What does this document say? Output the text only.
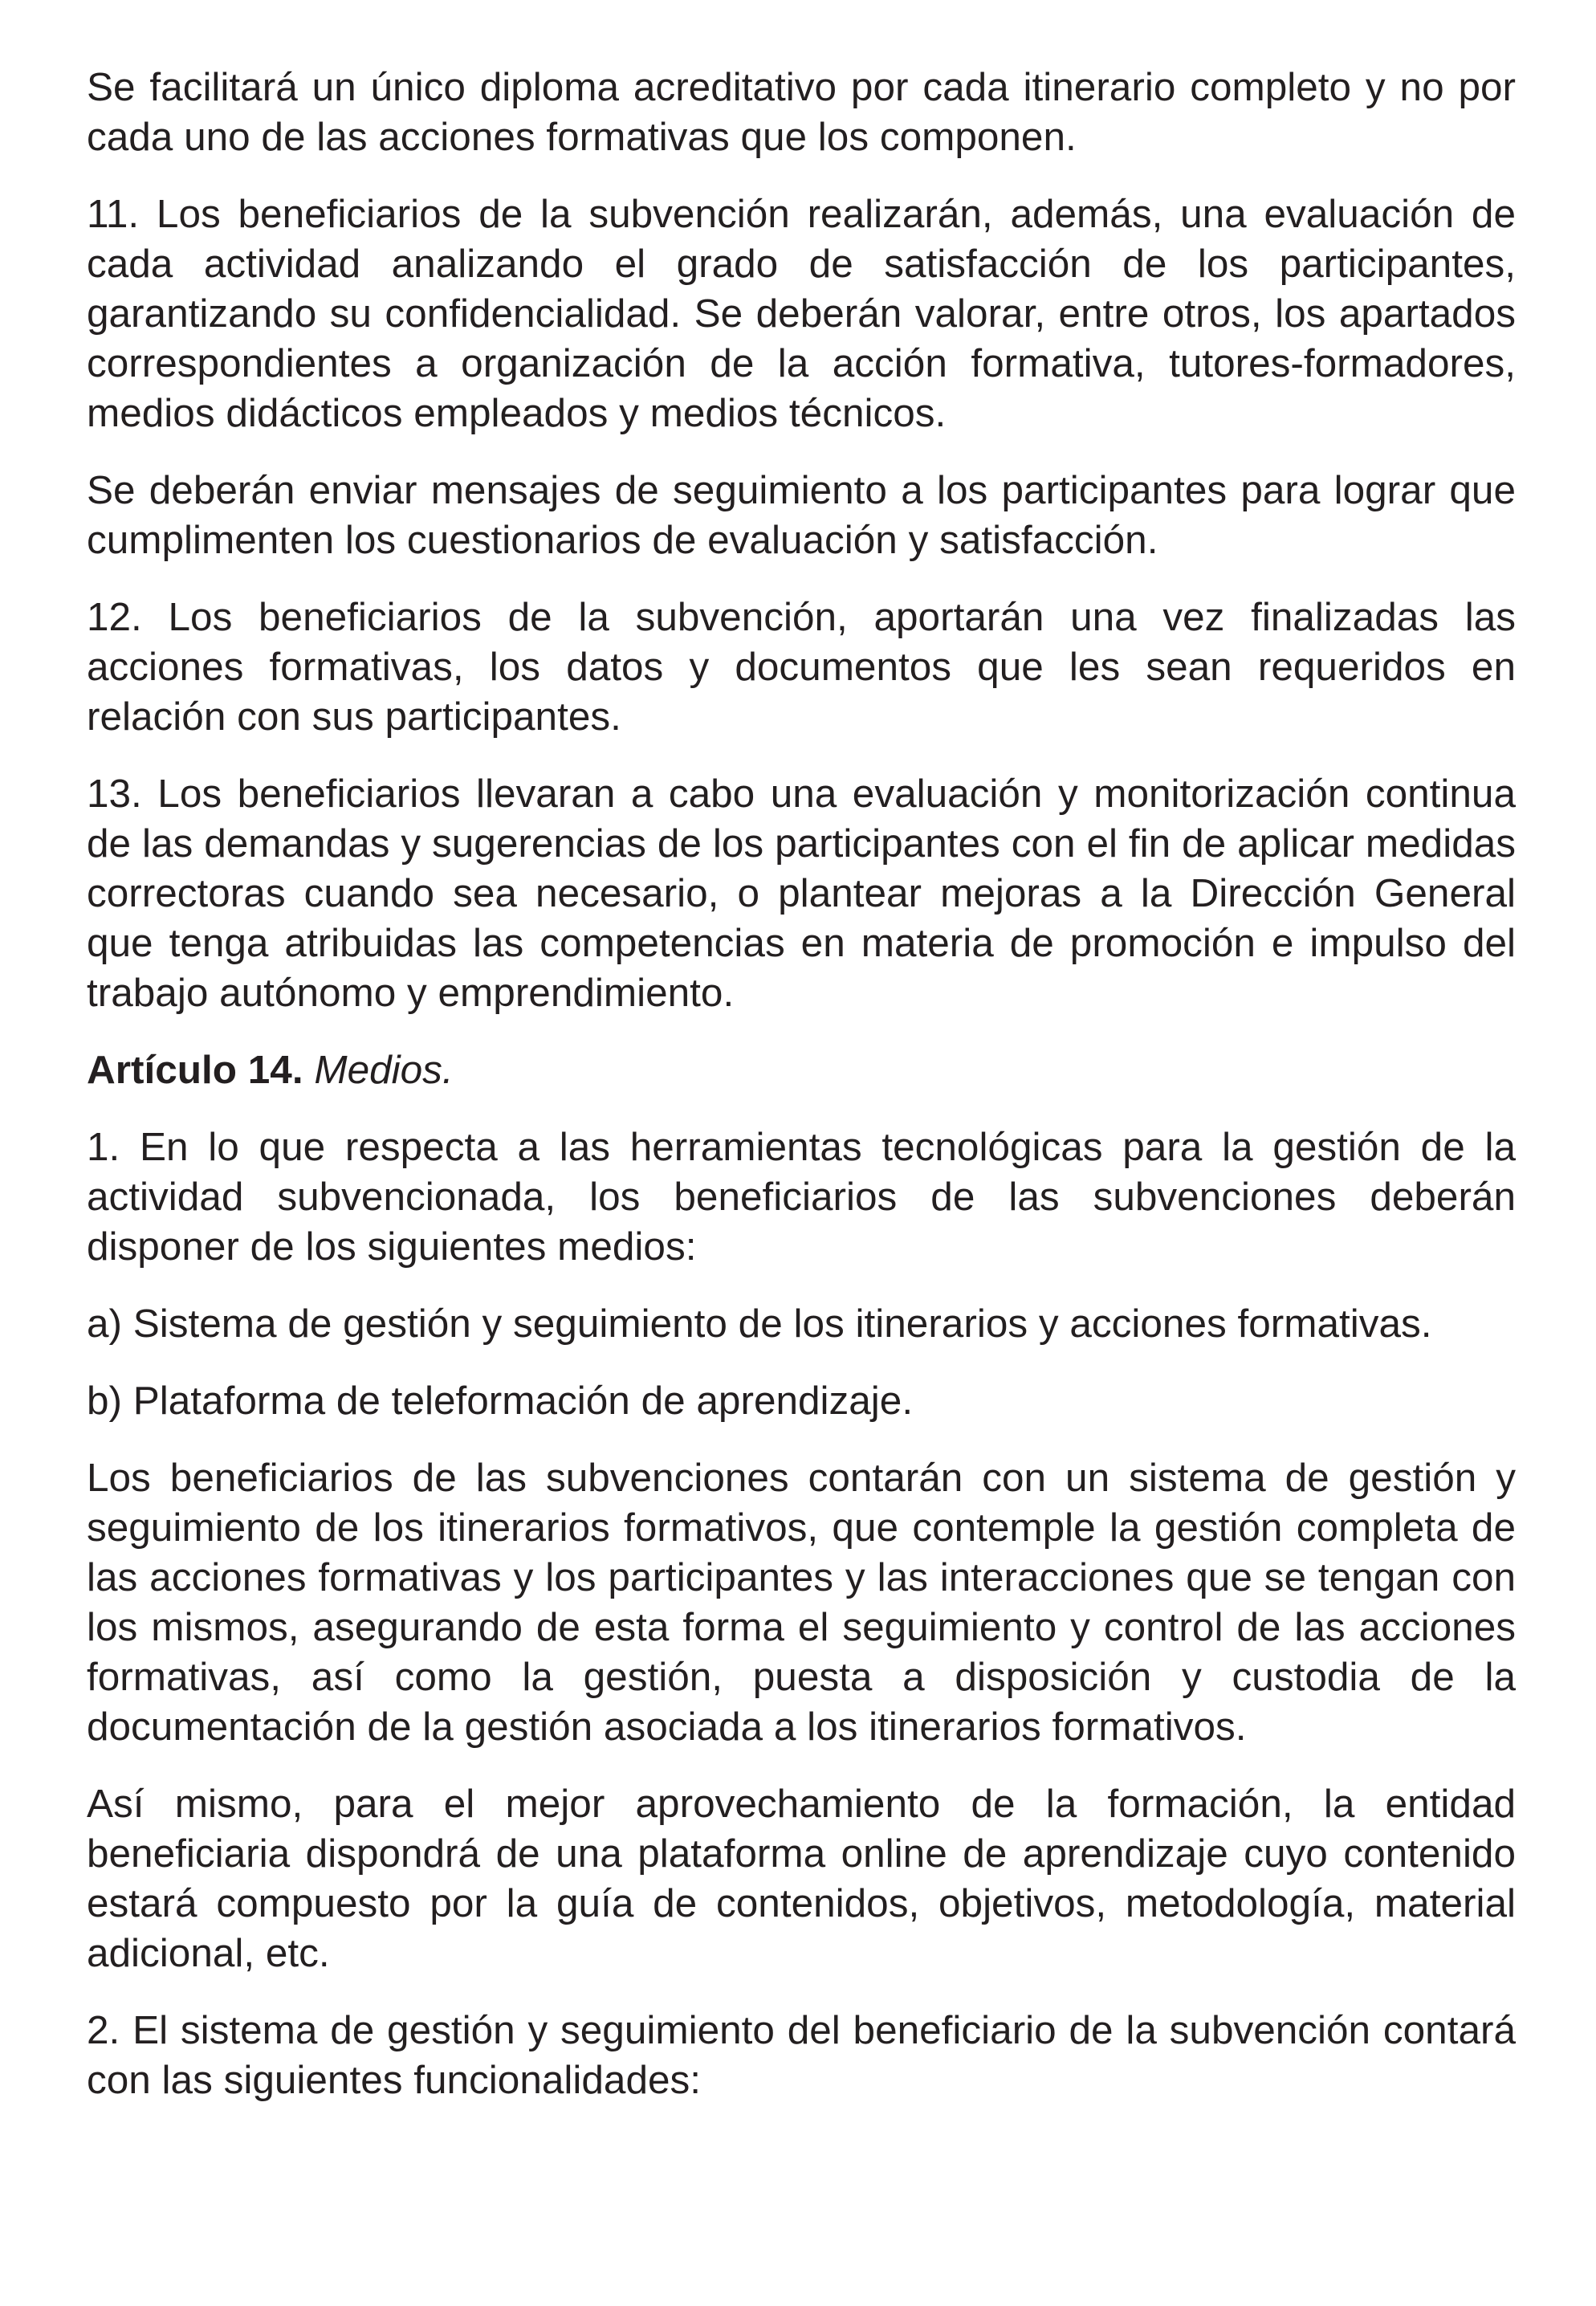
Se facilitará un único diploma acreditativo por cada itinerario completo y no por cada uno de las acciones formativas que los componen.

11. Los beneficiarios de la subvención realizarán, además, una evaluación de cada actividad analizando el grado de satisfacción de los participantes, garantizando su confidencialidad. Se deberán valorar, entre otros, los apartados correspondientes a organización de la acción formativa, tutores-formadores, medios didácticos empleados y medios técnicos.

Se deberán enviar mensajes de seguimiento a los participantes para lograr que cumplimenten los cuestionarios de evaluación y satisfacción.

12. Los beneficiarios de la subvención, aportarán una vez finalizadas las acciones formativas, los datos y documentos que les sean requeridos en relación con sus participantes.

13. Los beneficiarios llevaran a cabo una evaluación y monitorización continua de las demandas y sugerencias de los participantes con el fin de aplicar medidas correctoras cuando sea necesario, o plantear mejoras a la Dirección General que tenga atribuidas las competencias en materia de promoción e impulso del trabajo autónomo y emprendimiento.

Artículo 14. Medios.

1. En lo que respecta a las herramientas tecnológicas para la gestión de la actividad subvencionada, los beneficiarios de las subvenciones deberán disponer de los siguientes medios:

a) Sistema de gestión y seguimiento de los itinerarios y acciones formativas.

b) Plataforma de teleformación de aprendizaje.

Los beneficiarios de las subvenciones contarán con un sistema de gestión y seguimiento de los itinerarios formativos, que contemple la gestión completa de las acciones formativas y los participantes y las interacciones que se tengan con los mismos, asegurando de esta forma el seguimiento y control de las acciones formativas, así como la gestión, puesta a disposición y custodia de la documentación de la gestión asociada a los itinerarios formativos.

Así mismo, para el mejor aprovechamiento de la formación, la entidad beneficiaria dispondrá de una plataforma online de aprendizaje cuyo contenido estará compuesto por la guía de contenidos, objetivos, metodología, material adicional, etc.

2. El sistema de gestión y seguimiento del beneficiario de la subvención contará con las siguientes funcionalidades:
